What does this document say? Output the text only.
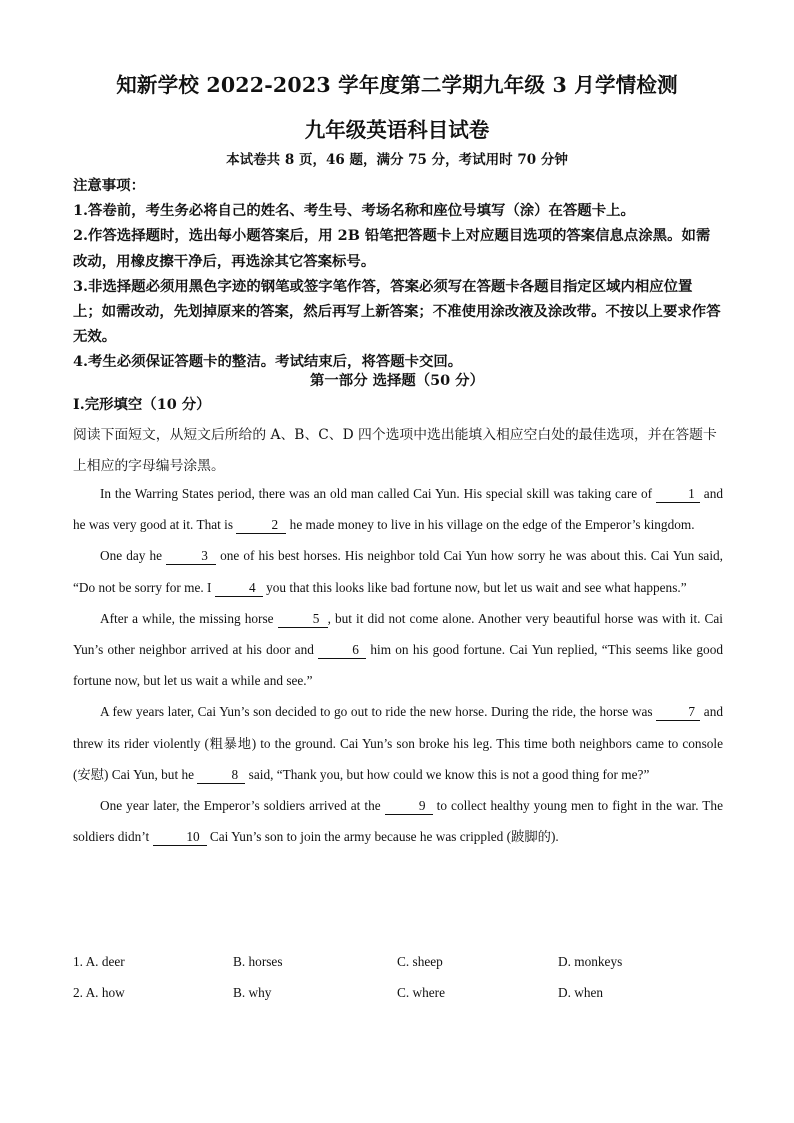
知新学校 2022-2023 学年度第二学期九年级 3 月学情检测
九年级英语科目试卷
本试卷共 8 页，46 题，满分 75 分，考试用时 70 分钟
注意事项：
1.答卷前，考生务必将自己的姓名、考生号、考场名称和座位号填写（涂）在答题卡上。
2.作答选择题时，选出每小题答案后，用 2B 铅笔把答题卡上对应题目选项的答案信息点涂黑。如需改动，用橡皮擦干净后，再选涂其它答案标号。
3.非选择题必须用黑色字迹的钢笔或签字笔作答，答案必须写在答题卡各题目指定区域内相应位置上；如需改动，先划掉原来的答案，然后再写上新答案；不准使用涂改液及涂改带。不按以上要求作答无效。
4.考生必须保证答题卡的整洁。考试结束后，将答题卡交回。
第一部分 选择题（50 分）
I.完形填空（10 分）
阅读下面短文，从短文后所给的 A、B、C、D 四个选项中选出能填入相应空白处的最佳选项，并在答题卡上相应的字母编号涂黑。

In the Warring States period, there was an old man called Cai Yun. His special skill was taking care of 1 and he was very good at it. That is	2 he made money to live in his village on the edge of the Emperor’s kingdom.

One day he	3 one of his best horses. His neighbor told Cai Yun how sorry he was about this. Cai Yun said, “Do not be sorry for me. I	4 you that this looks like bad fortune now, but let us wait and see what happens.”

After a while, the missing horse	5 , but it did not come alone. Another very beautiful horse was with it. Cai Yun’s other neighbor arrived at his door and	6 him on his good fortune. Cai Yun replied, “This seems like good fortune now, but let us wait a while and see.”

A few years later, Cai Yun’s son decided to go out to ride the new horse. During the ride, the horse was 7 and threw its rider violently (粗暴地) to the ground. Cai Yun’s son broke his leg. This time both neighbors came to console (安慰) Cai Yun, but he	8 said, “Thank you, but how could we know this is not a good thing for me?”

One year later, the Emperor’s soldiers arrived at the	9 to collect healthy young men to fight in the war. The soldiers didn’t	10 Cai Yun’s son to join the army because he was crippled (跛脚的).

1. A. deer	B. horses	C. sheep	D. monkeys
2. A. how	B. why	C. where	D. when
